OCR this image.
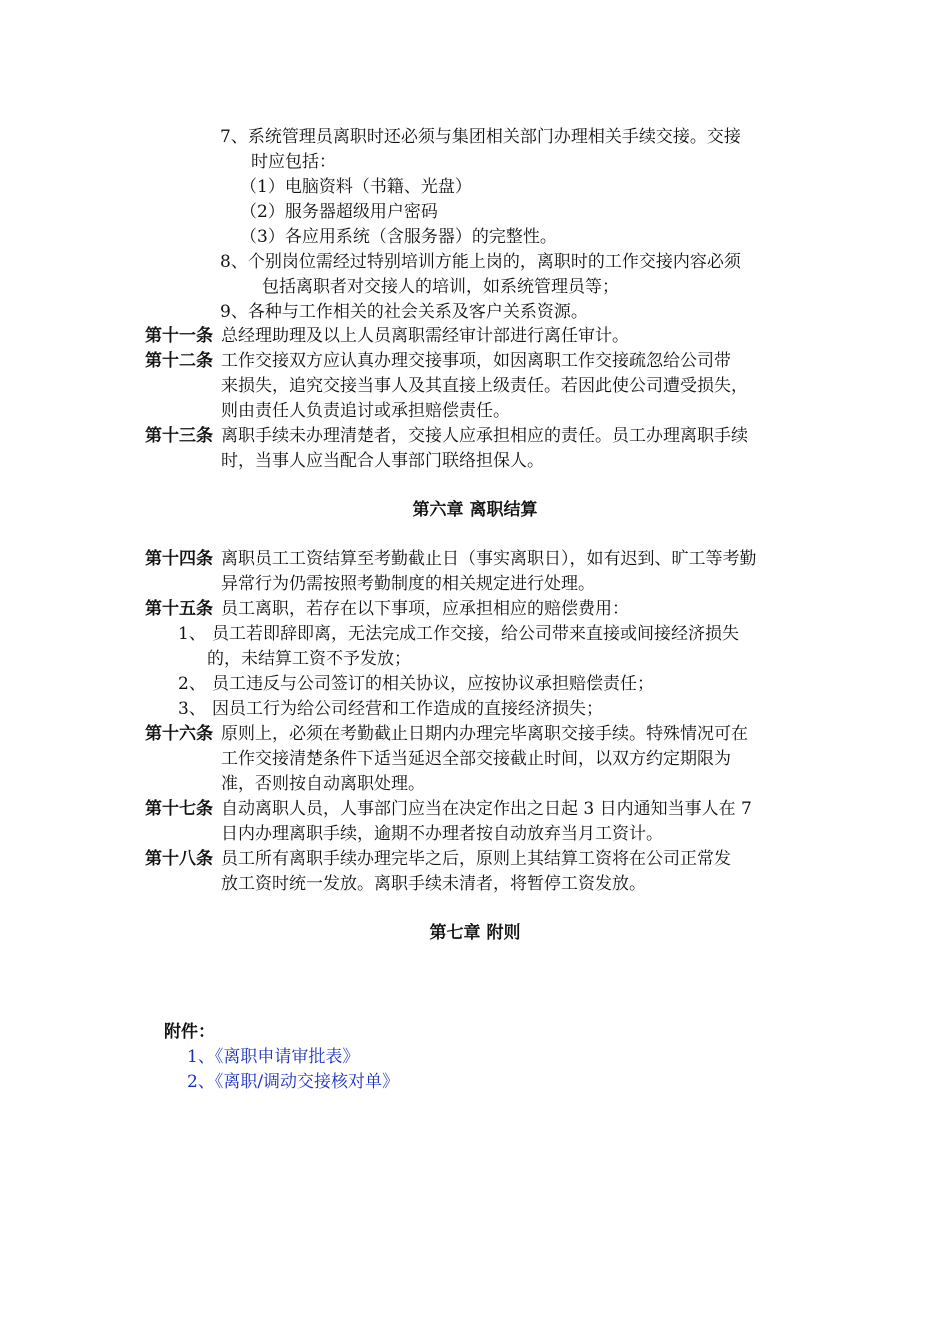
7、系统管理员离职时还必须与集团相关部门办理相关手续交接。交接
时应包括：
（1）电脑资料（书籍、光盘）
（2）服务器超级用户密码
（3）各应用系统（含服务器）的完整性。
8、个别岗位需经过特别培训方能上岗的，离职时的工作交接内容必须
包括离职者对交接人的培训，如系统管理员等；
9、各种与工作相关的社会关系及客户关系资源。
第十一条 总经理助理及以上人员离职需经审计部进行离任审计。
第十二条 工作交接双方应认真办理交接事项，如因离职工作交接疏忽给公司带
来损失，追究交接当事人及其直接上级责任。若因此使公司遭受损失，
则由责任人负责追讨或承担赔偿责任。
第十三条 离职手续未办理清楚者，交接人应承担相应的责任。员工办理离职手续
时，当事人应当配合人事部门联络担保人。
第六章 离职结算
第十四条 离职员工工资结算至考勤截止日（事实离职日），如有迟到、旷工等考勤
异常行为仍需按照考勤制度的相关规定进行处理。
第十五条 员工离职，若存在以下事项，应承担相应的赔偿费用：
1、 员工若即辞即离，无法完成工作交接，给公司带来直接或间接经济损失
的，未结算工资不予发放；
2、 员工违反与公司签订的相关协议，应按协议承担赔偿责任；
3、 因员工行为给公司经营和工作造成的直接经济损失；
第十六条 原则上，必须在考勤截止日期内办理完毕离职交接手续。特殊情况可在
工作交接清楚条件下适当延迟全部交接截止时间，以双方约定期限为
准，否则按自动离职处理。
第十七条 自动离职人员，人事部门应当在决定作出之日起 3 日内通知当事人在 7
日内办理离职手续，逾期不办理者按自动放弃当月工资计。
第十八条 员工所有离职手续办理完毕之后，原则上其结算工资将在公司正常发
放工资时统一发放。离职手续未清者，将暂停工资发放。
第七章 附则
附件：
1、《离职申请审批表》
2、《离职/调动交接核对单》
